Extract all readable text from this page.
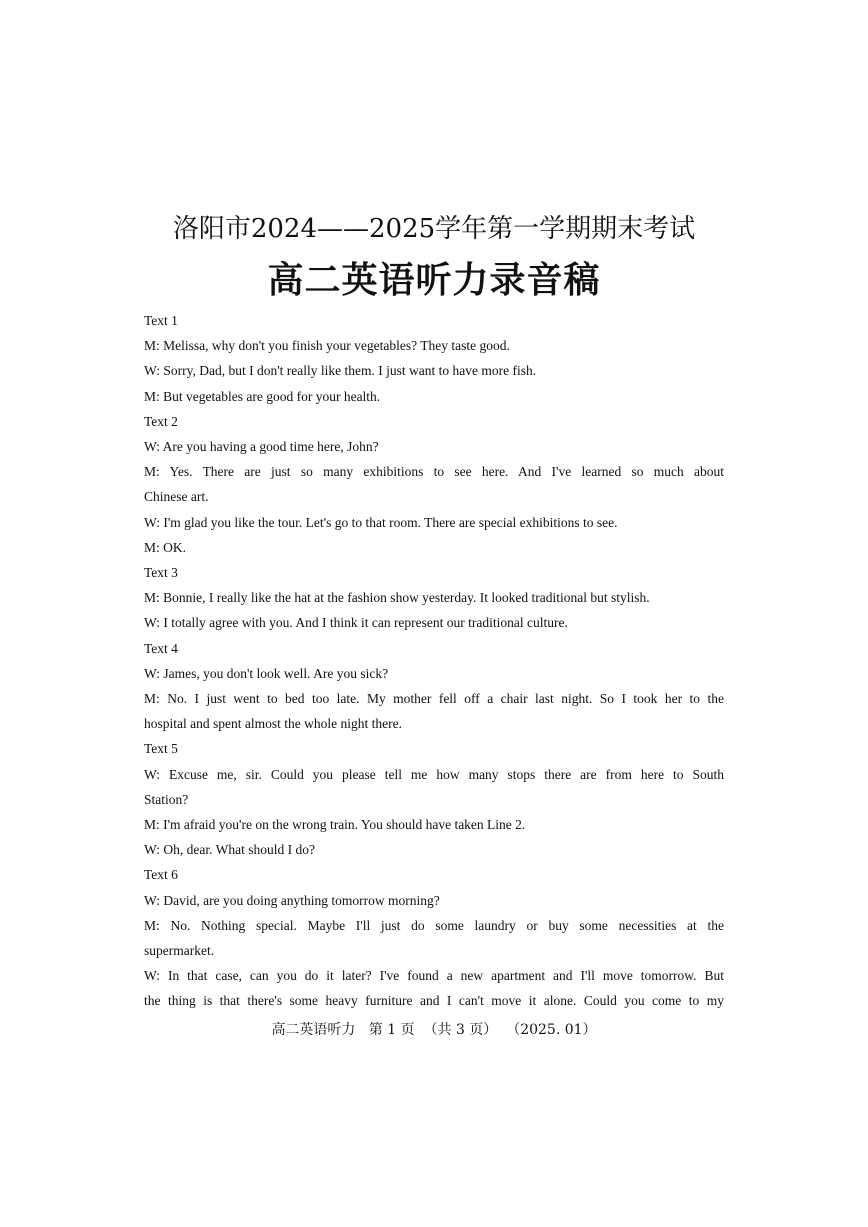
洛阳市2024——2025学年第一学期期末考试
高二英语听力录音稿
Text 1
M: Melissa, why don't you finish your vegetables? They taste good.
W: Sorry, Dad, but I don't really like them. I just want to have more fish.
M: But vegetables are good for your health.
Text 2
W: Are you having a good time here, John?
M: Yes. There are just so many exhibitions to see here. And I've learned so much about
Chinese art.
W: I'm glad you like the tour. Let's go to that room. There are special exhibitions to see.
M: OK.
Text 3
M: Bonnie, I really like the hat at the fashion show yesterday. It looked traditional but stylish.
W: I totally agree with you. And I think it can represent our traditional culture.
Text 4
W: James, you don't look well. Are you sick?
M: No. I just went to bed too late. My mother fell off a chair last night. So I took her to the
hospital and spent almost the whole night there.
Text 5
W: Excuse me, sir. Could you please tell me how many stops there are from here to South
Station?
M: I'm afraid you're on the wrong train. You should have taken Line 2.
W: Oh, dear. What should I do?
Text 6
W: David, are you doing anything tomorrow morning?
M: No. Nothing special. Maybe I'll just do some laundry or buy some necessities at the
supermarket.
W: In that case, can you do it later? I've found a new apartment and I'll move tomorrow. But
the thing is that there's some heavy furniture and I can't move it alone. Could you come to my
高二英语听力   第 1 页  （共 3 页）  （2025. 01）
